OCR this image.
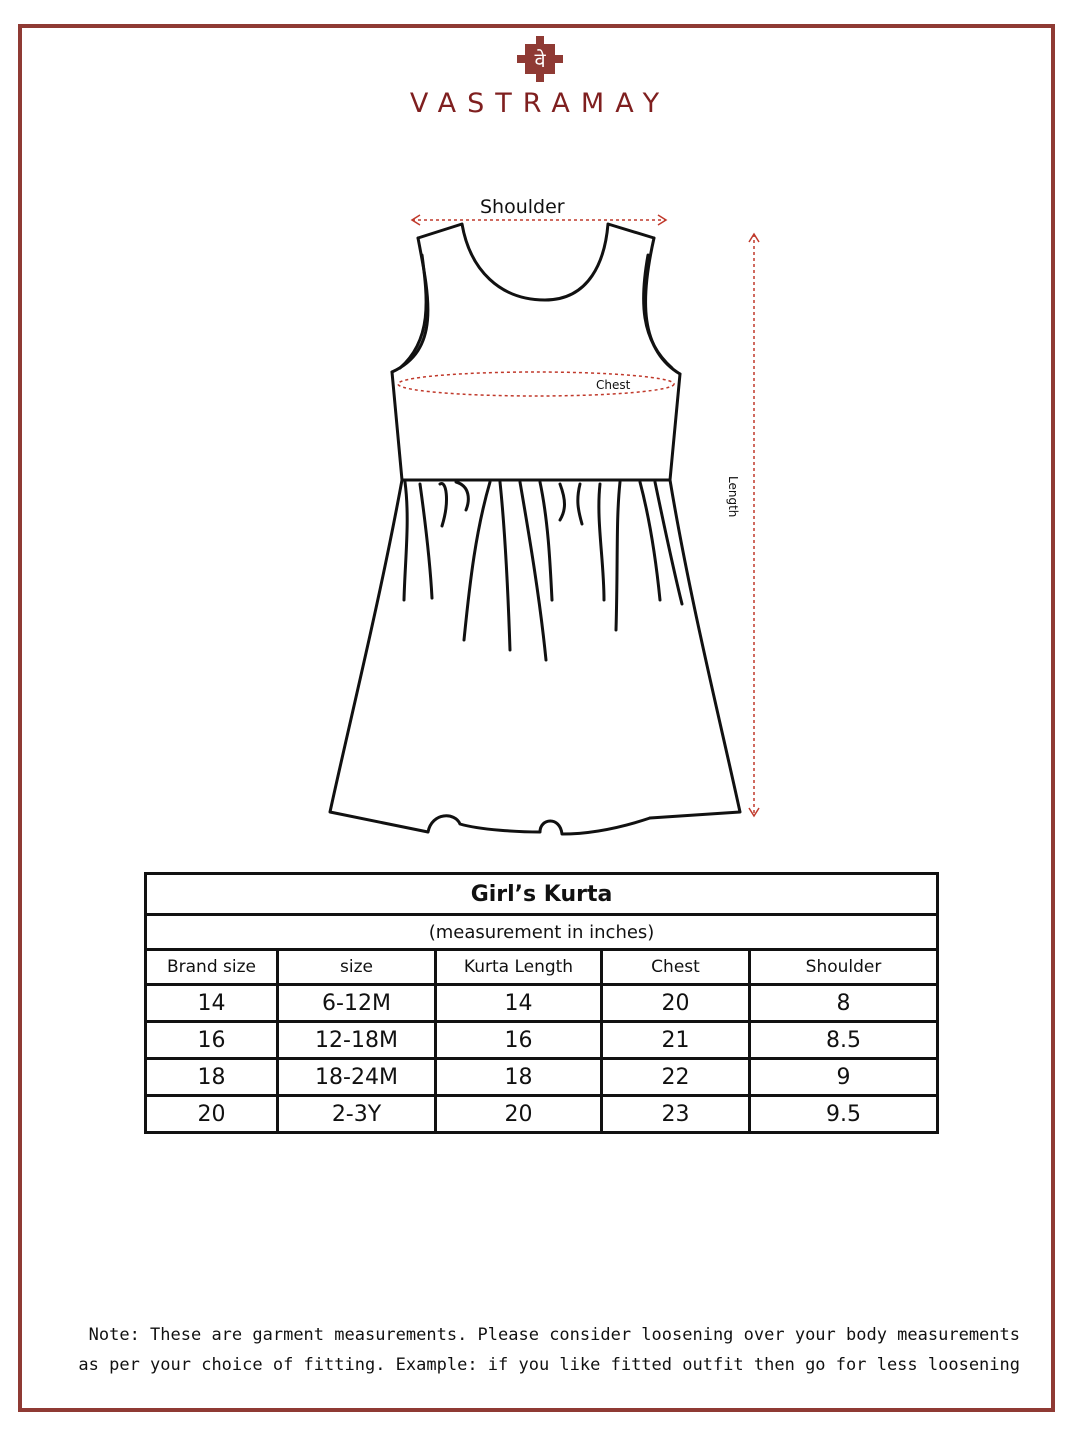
वे
VASTRAMAY
Shoulder
Chest
Length
Girl’s Kurta				
(measurement in inches)				
Brand size	size	Kurta Length	Chest	Shoulder
14	6-12M	14	20	8
16	12-18M	16	21	8.5
18	18-24M	18	22	9
20	2-3Y	20	23	9.5
Note: These are garment measurements. Please consider loosening over your body measurements
as per your choice of fitting. Example: if you like fitted outfit then go for less loosening
